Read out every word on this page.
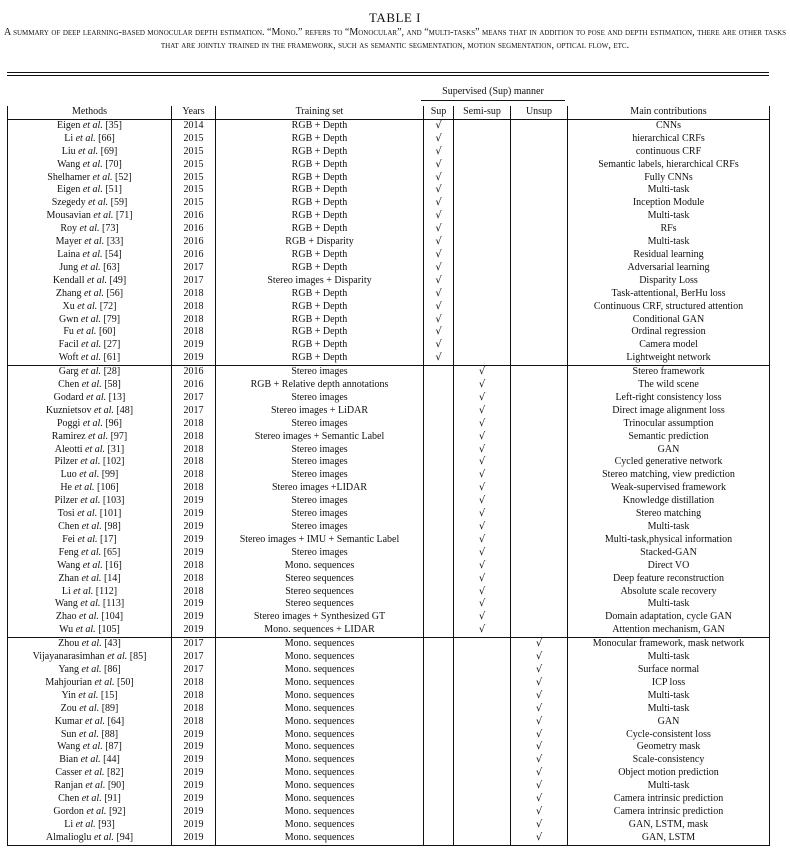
TABLE I
A summary of deep learning-based monocular depth estimation. “Mono.” refers to “Monocular”, and “multi-tasks” means that in addition to pose and depth estimation, there are other tasks that are jointly trained in the framework, such as semantic segmentation, motion segmentation, optical flow, etc.
Supervised (Sup) manner
Methods	Years	Training set	Sup	Semi-sup	Unsup	Main contributions
Eigen et al. [35]	2014	RGB + Depth	√			CNNs
Li et al. [66]	2015	RGB + Depth	√			hierarchical CRFs
Liu et al. [69]	2015	RGB + Depth	√			continuous CRF
Wang et al. [70]	2015	RGB + Depth	√			Semantic labels, hierarchical CRFs
Shelhamer et al. [52]	2015	RGB + Depth	√			Fully CNNs
Eigen et al. [51]	2015	RGB + Depth	√			Multi-task
Szegedy et al. [59]	2015	RGB + Depth	√			Inception Module
Mousavian et al. [71]	2016	RGB + Depth	√			Multi-task
Roy et al. [73]	2016	RGB + Depth	√			RFs
Mayer et al. [33]	2016	RGB + Disparity	√			Multi-task
Laina et al. [54]	2016	RGB + Depth	√			Residual learning
Jung et al. [63]	2017	RGB + Depth	√			Adversarial learning
Kendall et al. [49]	2017	Stereo images + Disparity	√			Disparity Loss
Zhang et al. [56]	2018	RGB + Depth	√			Task-attentional, BerHu loss
Xu et al. [72]	2018	RGB + Depth	√			Continuous CRF, structured attention
Gwn et al. [79]	2018	RGB + Depth	√			Conditional GAN
Fu et al. [60]	2018	RGB + Depth	√			Ordinal regression
Facil et al. [27]	2019	RGB + Depth	√			Camera model
Woft et al. [61]	2019	RGB + Depth	√			Lightweight network
Garg et al. [28]	2016	Stereo images		√		Stereo framework
Chen et al. [58]	2016	RGB + Relative depth annotations		√		The wild scene
Godard et al. [13]	2017	Stereo images		√		Left-right consistency loss
Kuznietsov et al. [48]	2017	Stereo images + LiDAR		√		Direct image alignment loss
Poggi et al. [96]	2018	Stereo images		√		Trinocular assumption
Ramirez et al. [97]	2018	Stereo images + Semantic Label		√		Semantic prediction
Aleotti et al. [31]	2018	Stereo images		√		GAN
Pilzer et al. [102]	2018	Stereo images		√		Cycled generative network
Luo et al. [99]	2018	Stereo images		√		Stereo matching, view prediction
He et al. [106]	2018	Stereo images +LIDAR		√		Weak-supervised framework
Pilzer et al. [103]	2019	Stereo images		√		Knowledge distillation
Tosi et al. [101]	2019	Stereo images		√		Stereo matching
Chen et al. [98]	2019	Stereo images		√		Multi-task
Fei et al. [17]	2019	Stereo images + IMU + Semantic Label		√		Multi-task,physical information
Feng et al. [65]	2019	Stereo images		√		Stacked-GAN
Wang et al. [16]	2018	Mono. sequences		√		Direct VO
Zhan et al. [14]	2018	Stereo sequences		√		Deep feature reconstruction
Li et al. [112]	2018	Stereo sequences		√		Absolute scale recovery
Wang et al. [113]	2019	Stereo sequences		√		Multi-task
Zhao et al. [104]	2019	Stereo images + Synthesized GT		√		Domain adaptation, cycle GAN
Wu et al. [105]	2019	Mono. sequences + LIDAR		√		Attention mechanism, GAN
Zhou et al. [43]	2017	Mono. sequences			√	Monocular framework, mask network
Vijayanarasimhan et al. [85]	2017	Mono. sequences			√	Multi-task
Yang et al. [86]	2017	Mono. sequences			√	Surface normal
Mahjourian et al. [50]	2018	Mono. sequences			√	ICP loss
Yin et al. [15]	2018	Mono. sequences			√	Multi-task
Zou et al. [89]	2018	Mono. sequences			√	Multi-task
Kumar et al. [64]	2018	Mono. sequences			√	GAN
Sun et al. [88]	2019	Mono. sequences			√	Cycle-consistent loss
Wang et al. [87]	2019	Mono. sequences			√	Geometry mask
Bian et al. [44]	2019	Mono. sequences			√	Scale-consistency
Casser et al. [82]	2019	Mono. sequences			√	Object motion prediction
Ranjan et al. [90]	2019	Mono. sequences			√	Multi-task
Chen et al. [91]	2019	Mono. sequences			√	Camera intrinsic prediction
Gordon et al. [92]	2019	Mono. sequences			√	Camera intrinsic prediction
Li et al. [93]	2019	Mono. sequences			√	GAN, LSTM, mask
Almalioglu et al. [94]	2019	Mono. sequences			√	GAN, LSTM
